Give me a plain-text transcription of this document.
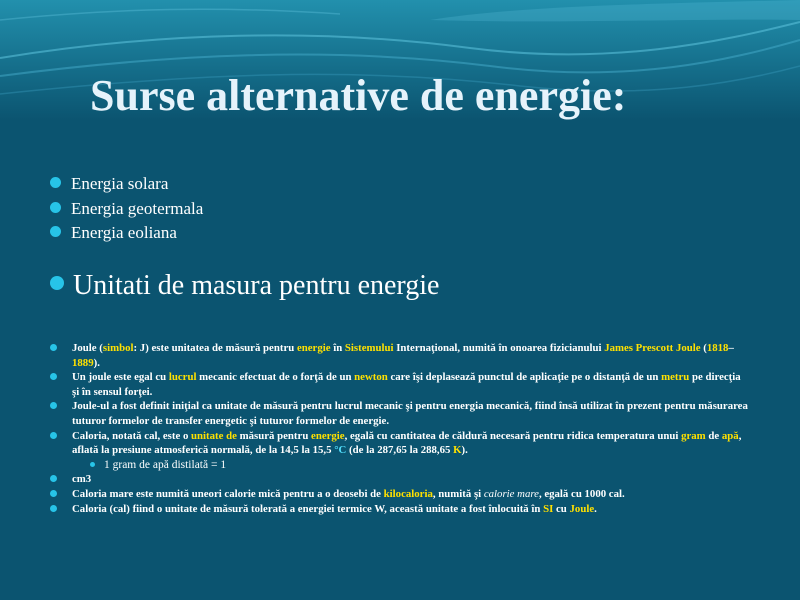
Surse alternative de energie:
Energia solara
Energia geotermala
Energia eoliana
Unitati de masura pentru energie
Joule (simbol: J) este unitatea de măsură pentru energie în Sistemului Internaţional, numită în onoarea fizicianului James Prescott Joule (1818–1889).
Un joule este egal cu lucrul mecanic efectuat de o forţă de un newton care îşi deplasează punctul de aplicaţie pe o distanţă de un metru pe direcţia şi în sensul forţei.
Joule-ul a fost definit iniţial ca unitate de măsură pentru lucrul mecanic şi pentru energia mecanică, fiind însă utilizat în prezent pentru măsurarea tuturor formelor de transfer energetic şi tuturor formelor de energie.
Caloria, notată cal, este o unitate de măsură pentru energie, egală cu cantitatea de căldură necesară pentru ridica temperatura unui gram de apă, aflată la presiune atmosferică normală, de la 14,5 la 15,5 °C (de la 287,65 la 288,65 K).
1 gram de apă distilată = 1
cm3
Caloria mare este numită uneori calorie mică pentru a o deosebi de kilocaloria, numită şi calorie mare, egală cu 1000 cal.
Caloria (cal) fiind o unitate de măsură tolerată a energiei termice W, această unitate a fost înlocuită în SI cu Joule.
